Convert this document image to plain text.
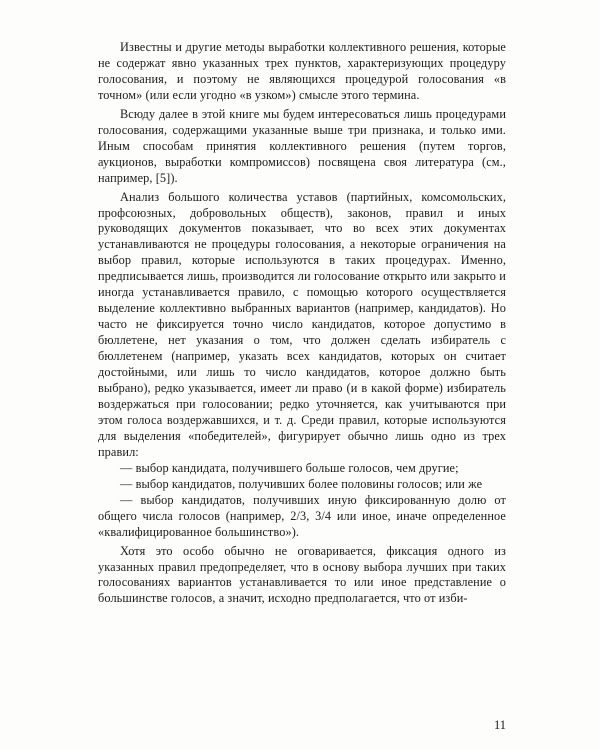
Известны и другие методы выработки коллективного решения, которые не содержат явно указанных трех пунктов, характеризующих процедуру голосования, и поэтому не являющихся процедурой голосования «в точном» (или если угодно «в узком») смысле этого термина.

Всюду далее в этой книге мы будем интересоваться лишь процедурами голосования, содержащими указанные выше три признака, и только ими. Иным способам принятия коллективного решения (путем торгов, аукционов, выработки компромиссов) посвящена своя литература (см., например, [5]).

Анализ большого количества уставов (партийных, комсомольских, профсоюзных, добровольных обществ), законов, правил и иных руководящих документов показывает, что во всех этих документах устанавливаются не процедуры голосования, а некоторые ограничения на выбор правил, которые используются в таких процедурах. Именно, предписывается лишь, производится ли голосование открыто или закрыто и иногда устанавливается правило, с помощью которого осуществляется выделение коллективно выбранных вариантов (например, кандидатов). Но часто не фиксируется точно число кандидатов, которое допустимо в бюллетене, нет указания о том, что должен сделать избиратель с бюллетенем (например, указать всех кандидатов, которых он считает достойными, или лишь то число кандидатов, которое должно быть выбрано), редко указывается, имеет ли право (и в какой форме) избиратель воздержаться при голосовании; редко уточняется, как учитываются при этом голоса воздержавшихся, и т. д. Среди правил, которые используются для выделения «победителей», фигурирует обычно лишь одно из трех правил:

— выбор кандидата, получившего больше голосов, чем другие;

— выбор кандидатов, получивших более половины голосов; или же

— выбор кандидатов, получивших иную фиксированную долю от общего числа голосов (например, 2/3, 3/4 или иное, иначе определенное «квалифицированное большинство»).

Хотя это особо обычно не оговаривается, фиксация одного из указанных правил предопределяет, что в основу выбора лучших при таких голосованиях вариантов устанавливается то или иное представление о большинстве голосов, а значит, исходно предполагается, что от изби-

11
